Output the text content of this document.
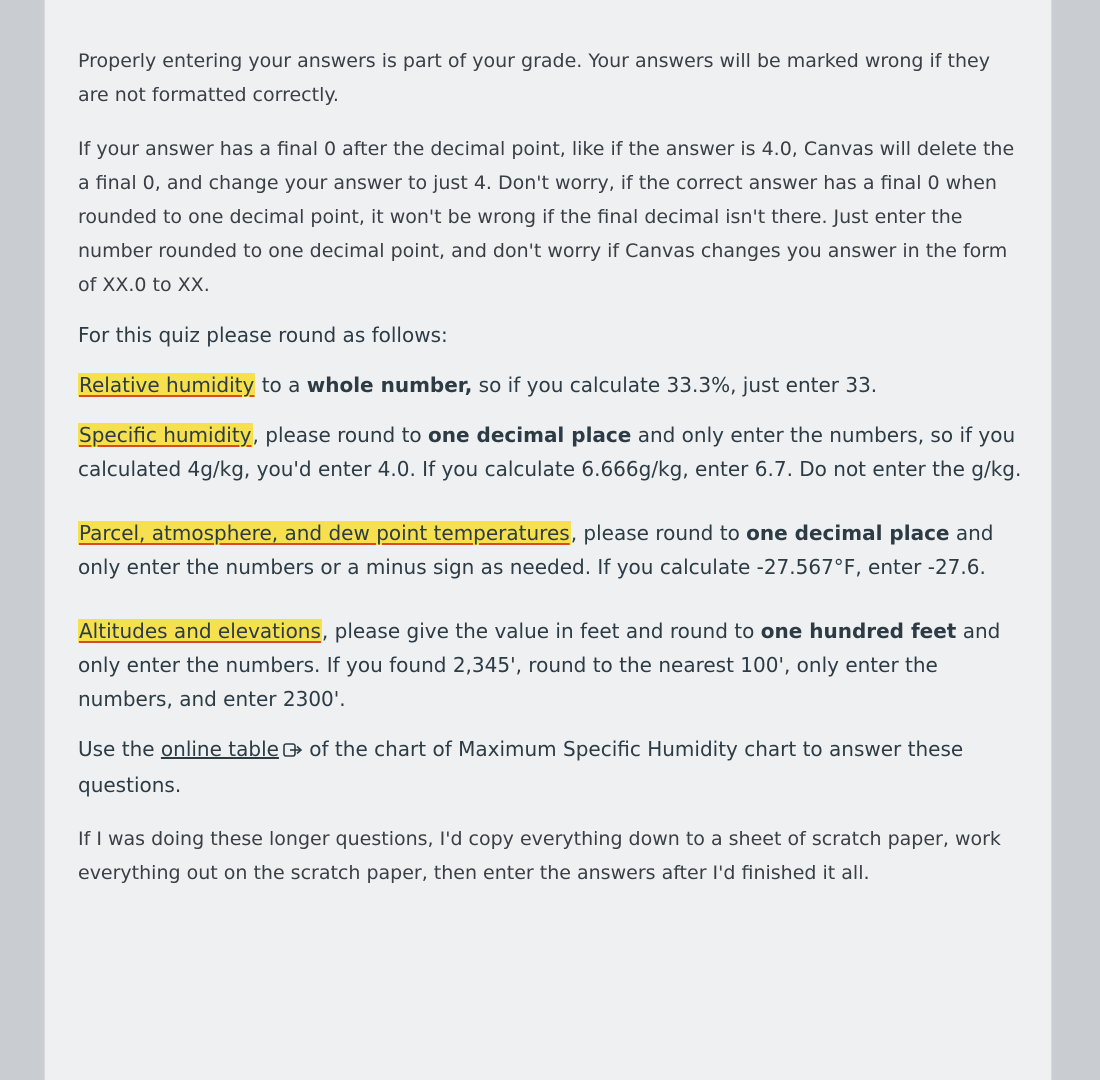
Properly entering your answers is part of your grade. Your answers will be marked wrong if they are not formatted correctly.

If your answer has a final 0 after the decimal point, like if the answer is 4.0, Canvas will delete the a final 0, and change your answer to just 4. Don't worry, if the correct answer has a final 0 when rounded to one decimal point, it won't be wrong if the final decimal isn't there. Just enter the number rounded to one decimal point, and don't worry if Canvas changes you answer in the form of XX.0 to XX.

For this quiz please round as follows:

Relative humidity to a whole number, so if you calculate 33.3%, just enter 33.

Specific humidity, please round to one decimal place and only enter the numbers, so if you calculated 4g/kg, you'd enter 4.0. If you calculate 6.666g/kg, enter 6.7. Do not enter the g/kg.

Parcel, atmosphere, and dew point temperatures, please round to one decimal place and only enter the numbers or a minus sign as needed. If you calculate -27.567°F, enter -27.6.

Altitudes and elevations, please give the value in feet and round to one hundred feet and only enter the numbers. If you found 2,345', round to the nearest 100', only enter the numbers, and enter 2300'.

Use the online table of the chart of Maximum Specific Humidity chart to answer these questions.

If I was doing these longer questions, I'd copy everything down to a sheet of scratch paper, work everything out on the scratch paper, then enter the answers after I'd finished it all.
